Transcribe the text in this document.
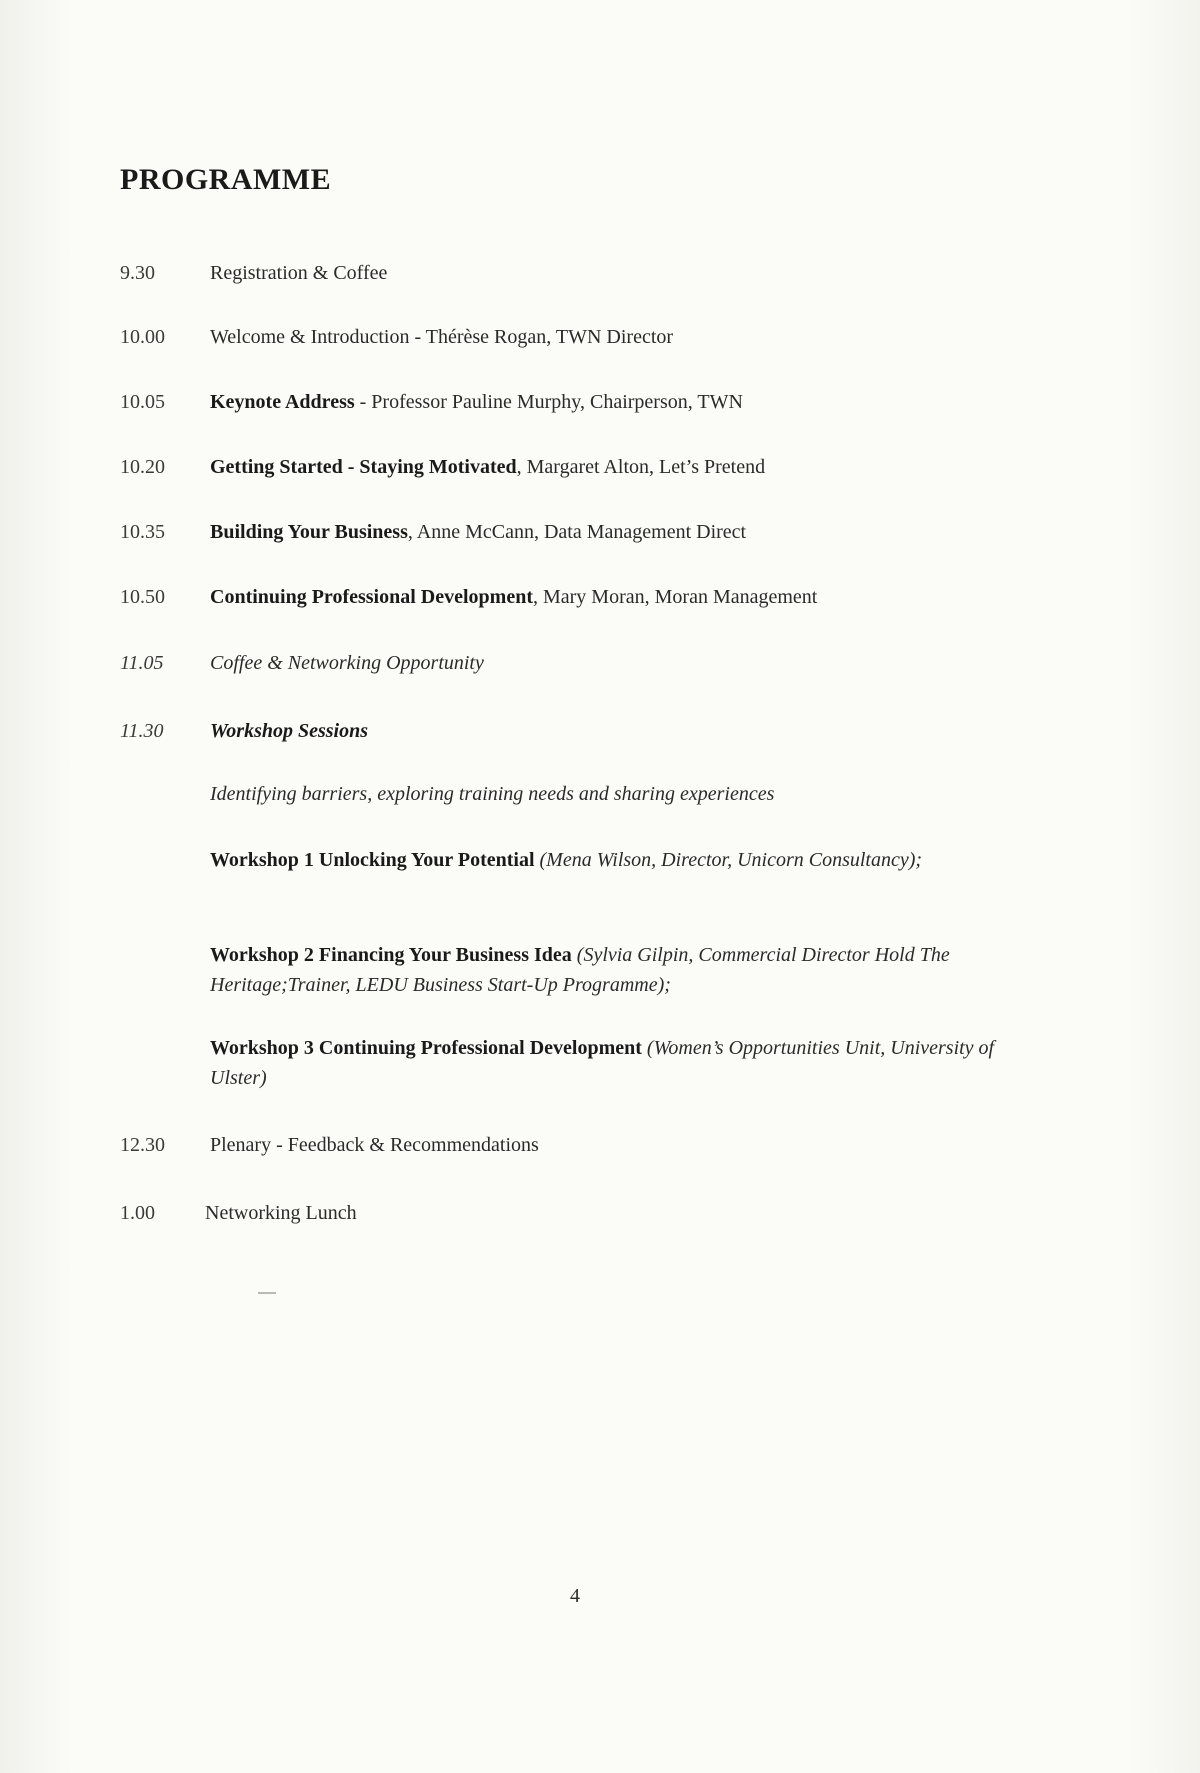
PROGRAMME
9.30	Registration & Coffee
10.00	Welcome & Introduction - Thérèse Rogan, TWN Director
10.05	Keynote Address - Professor Pauline Murphy, Chairperson, TWN
10.20	Getting Started - Staying Motivated, Margaret Alton, Let’s Pretend
10.35	Building Your Business, Anne McCann, Data Management Direct
10.50	Continuing Professional Development, Mary Moran, Moran Management
11.05	Coffee & Networking Opportunity
11.30	Workshop Sessions
Identifying barriers, exploring training needs and sharing experiences
Workshop 1 Unlocking Your Potential (Mena Wilson, Director, Unicorn Consultancy);
Workshop 2 Financing Your Business Idea (Sylvia Gilpin, Commercial Director Hold The Heritage;Trainer, LEDU Business Start-Up Programme);
Workshop 3 Continuing Professional Development (Women’s Opportunities Unit, University of Ulster)
12.30	Plenary - Feedback & Recommendations
1.00	Networking Lunch
4
